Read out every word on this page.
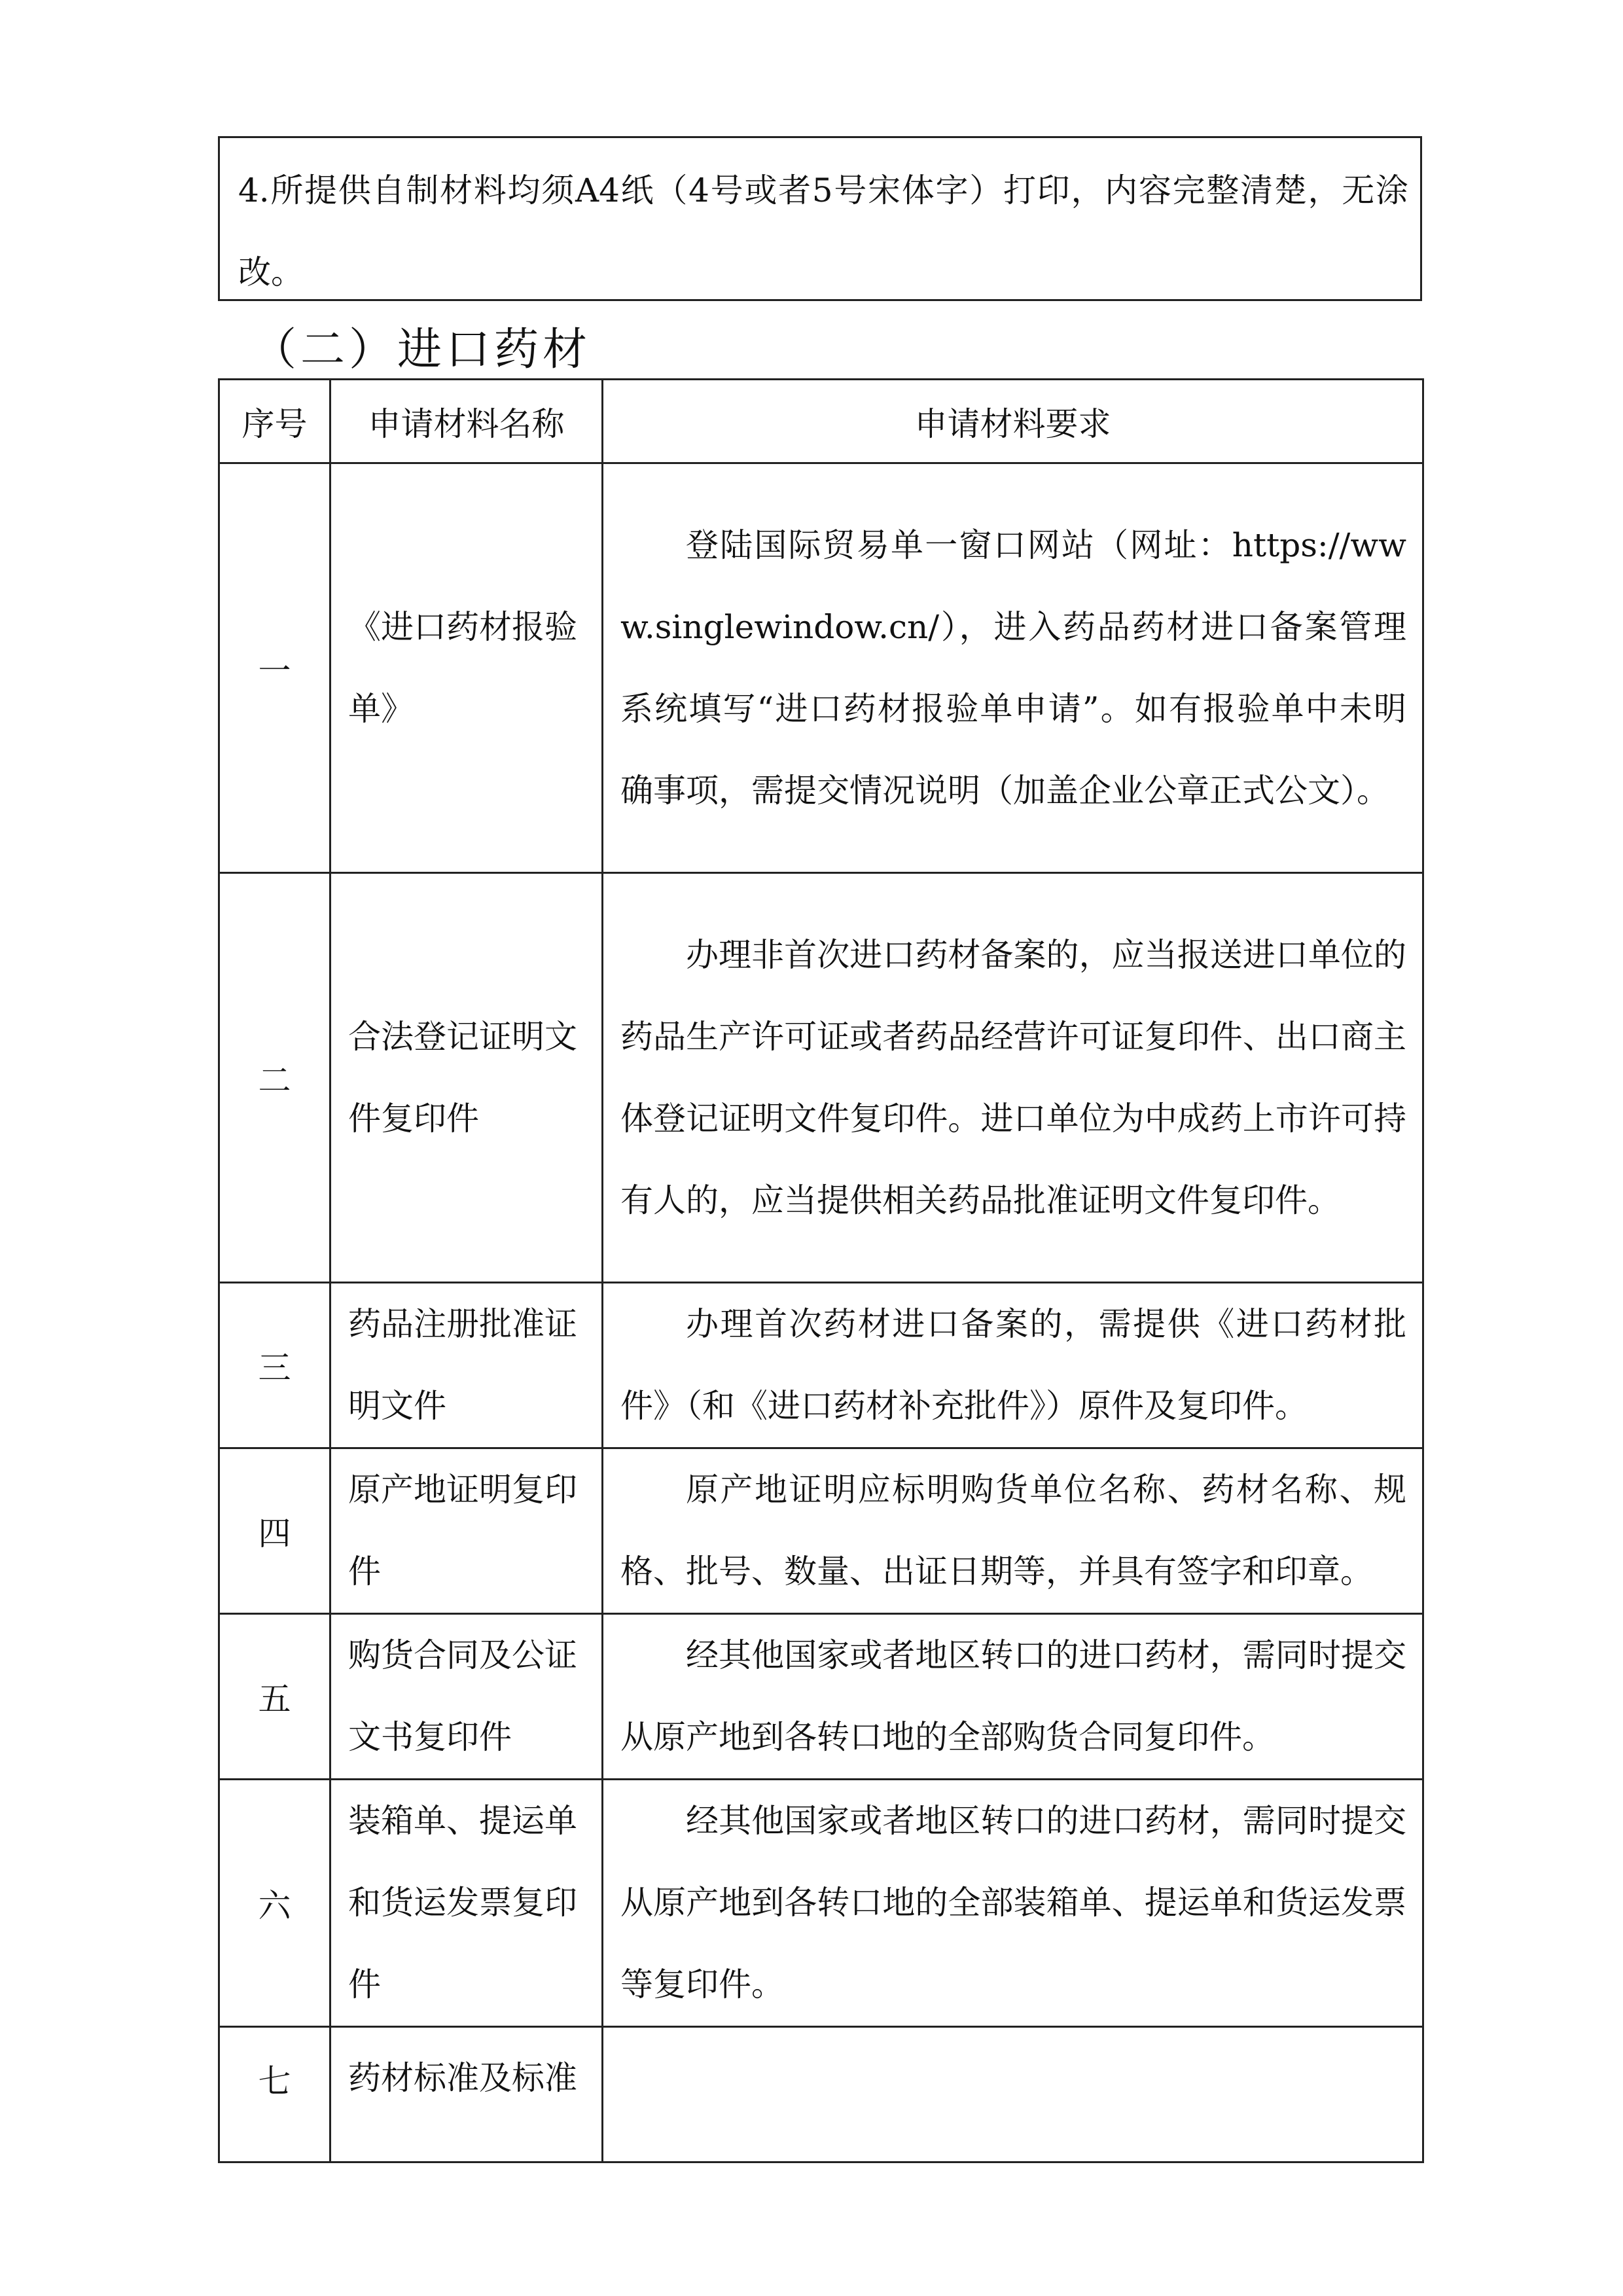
4.所提供自制材料均须A4纸（4号或者5号宋体字）打印，内容完整清楚，无涂改。
（二）进口药材
序号	申请材料名称	申请材料要求
一	《进口药材报验单》	登陆国际贸易单一窗口网站（网址：https://www.singlewindow.cn/），进入药品药材进口备案管理系统填写“进口药材报验单申请”。如有报验单中未明确事项，需提交情况说明（加盖企业公章正式公文）。

二	合法登记证明文件复印件	办理非首次进口药材备案的，应当报送进口单位的药品生产许可证或者药品经营许可证复印件、出口商主体登记证明文件复印件。进口单位为中成药上市许可持有人的，应当提供相关药品批准证明文件复印件。

三	药品注册批准证明文件	办理首次药材进口备案的，需提供《进口药材批件》（和《进口药材补充批件》）原件及复印件。

四	原产地证明复印件	原产地证明应标明购货单位名称、药材名称、规格、批号、数量、出证日期等，并具有签字和印章。

五	购货合同及公证文书复印件	经其他国家或者地区转口的进口药材，需同时提交从原产地到各转口地的全部购货合同复印件。

六	装箱单、提运单和货运发票复印件	经其他国家或者地区转口的进口药材，需同时提交从原产地到各转口地的全部装箱单、提运单和货运发票等复印件。

七	药材标准及标准	
